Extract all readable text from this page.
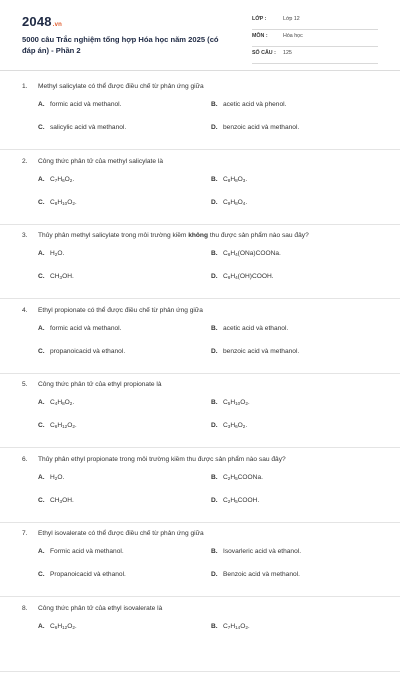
2048.vn
5000 câu Trắc nghiệm tổng hợp Hóa học năm 2025 (có đáp án) - Phần 2
LỚP :	Lớp 12
MÔN :	Hóa học
SỐ CÂU : 125
1. Methyl salicylate có thể được điều chế từ phản ứng giữa
A. formic acid và methanol.	B. acetic acid và phenol.
C. salicylic acid và methanol.	D. benzoic acid và methanol.
2. Công thức phân tử của methyl salicylate là
A. $C_7H_6O_2$.	B. $C_8H_8O_3$.
C. $C_8H_{10}O_2$.	D. $C_9H_8O_4$.
3. Thủy phân methyl salicylate trong môi trường kiềm không thu được sản phẩm nào sau đây?
A. $H_2O$.	B. $C_6H_4(ONa)COONa$.
C. $CH_3OH$.	D. $C_6H_4(OH)COOH$.
4. Ethyl propionate có thể được điều chế từ phản ứng giữa
A. formic acid và methanol.	B. acetic acid và ethanol.
C. propanoicacid và ethanol.	D. benzoic acid và methanol.
5. Công thức phân tử của ethyl propionate là
A. $C_4H_8O_2$.	B. $C_5H_{10}O_2$.
C. $C_6H_{12}O_2$.	D. $C_3H_6O_2$.
6. Thủy phân ethyl propionate trong môi trường kiềm thu được sản phẩm nào sau đây?
A. $H_2O$.	B. $C_2H_5COONa$.
C. $CH_3OH$.	D. $C_2H_5COOH$.
7. Ethyl isovalerate có thể được điều chế từ phản ứng giữa
A. Formic acid và methanol.	B. Isovarleric acid và ethanol.
C. Propanoicacid và ethanol.	D. Benzoic acid và methanol.
8. Công thức phân tử của ethyl isovalerate là
A. $C_6H_{12}O_2$.	B. $C_7H_{14}O_2$.
